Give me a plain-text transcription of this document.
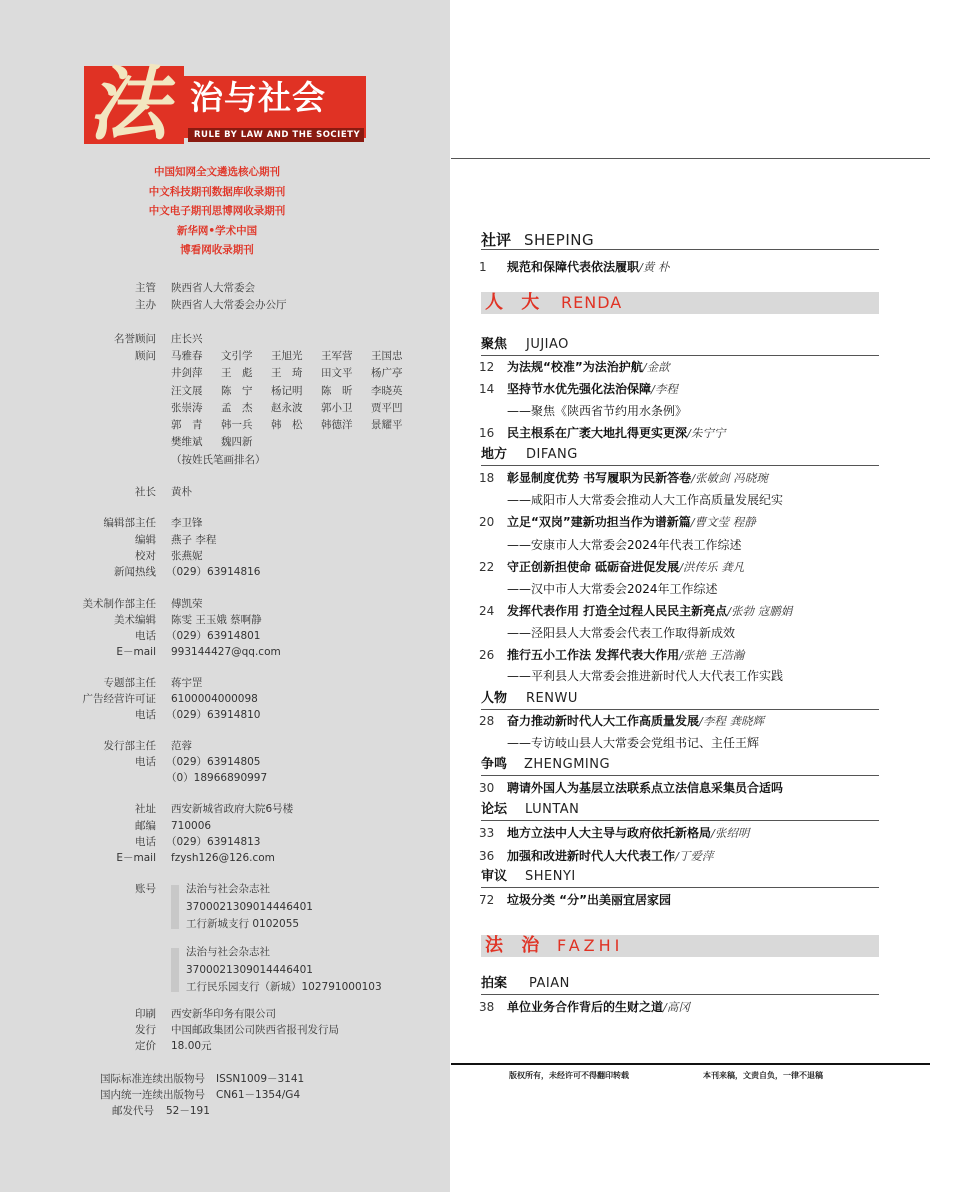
法 治与社会
RULE BY LAW AND THE SOCIETY
中国知网全文遴选核心期刊
中文科技期刊数据库收录期刊
中文电子期刊思博网收录期刊
新华网•学术中国
博看网收录期刊
主管 陕西省人大常委会
主办 陕西省人大常委会办公厅
名誉顾问 庄长兴
顾问 马雅春	文引学	王旭光	王军营	王国忠
井剑萍	王　彪	王　琦	田文平	杨广亭
汪文展	陈　宁	杨记明	陈　昕	李晓英
张崇涛	孟　杰	赵永波	郭小卫	贾平凹
郭　青	韩一兵	韩　松	韩德洋	景耀平
樊维斌	魏四新
（按姓氏笔画排名）
社长 黄朴
编辑部主任 李卫锋
编辑 燕子 李程
校对 张燕妮
新闻热线 （029）63914816
美术制作部主任 傅凯荣
美术编辑 陈雯 王玉娥 蔡啊静
电话 （029）63914801
E－mail 993144427@qq.com
专题部主任 蒋宇罡
广告经营许可证 6100004000098
电话 （029）63914810
发行部主任 范蓉
电话 （029）63914805
（0）18966890997
社址 西安新城省政府大院6号楼
邮编 710006
电话 （029）63914813
E－mail fzysh126@126.com
账号	法治与社会杂志社
3700021309014446401
工行新城支行 0102055
法治与社会杂志社
3700021309014446401
工行民乐园支行（新城）102791000103
印刷 西安新华印务有限公司
发行 中国邮政集团公司陕西省报刊发行局
定价 18.00元
国际标准连续出版物号 ISSN1009－3141
国内统一连续出版物号 CN61－1354/G4
邮发代号 52－191
社评 SHEPING
1 规范和保障代表依法履职/黄 朴
人 大 RENDA
聚焦 JUJIAO
12 为法规“校准”为法治护航/金歆
14 坚持节水优先强化法治保障/李程
——聚焦《陕西省节约用水条例》
16 民主根系在广袤大地扎得更实更深/朱宁宁
地方 DIFANG
18 彰显制度优势 书写履职为民新答卷/张敏剑 冯晓琬
——咸阳市人大常委会推动人大工作高质量发展纪实
20 立足“双岗”建新功担当作为谱新篇/曹文莹 程静
——安康市人大常委会2024年代表工作综述
22 守正创新担使命 砥砺奋进促发展/洪传乐 龚凡
——汉中市人大常委会2024年工作综述
24 发挥代表作用 打造全过程人民民主新亮点/张勃 寇鹏娟
——泾阳县人大常委会代表工作取得新成效
26 推行五小工作法 发挥代表大作用/张艳 王浩瀚
——平利县人大常委会推进新时代人大代表工作实践
人物 RENWU
28 奋力推动新时代人大工作高质量发展/李程 龚晓辉
——专访岐山县人大常委会党组书记、主任王辉
争鸣 ZHENGMING
30 聘请外国人为基层立法联系点立法信息采集员合适吗
论坛 LUNTAN
33 地方立法中人大主导与政府依托新格局/张绍明
36 加强和改进新时代人大代表工作/丁爱萍
审议 SHENYI
72 垃圾分类 “分”出美丽宜居家园
法 治 FAZHI
拍案 PAIAN
38 单位业务合作背后的生财之道/高冈
版权所有，未经许可不得翻印转载	本刊来稿，文责自负，一律不退稿
